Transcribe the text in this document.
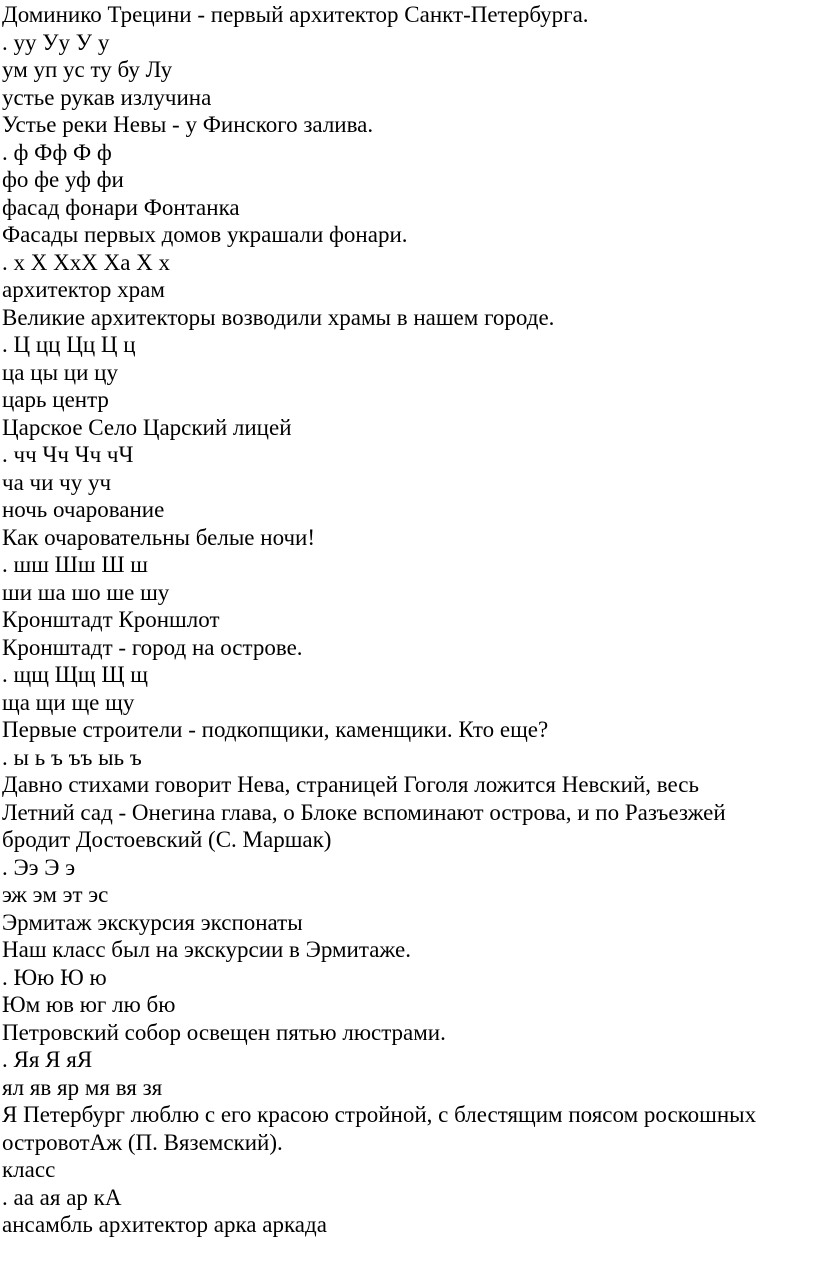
Доминико Трецини - первый архитектор Санкт-Петербурга.
. уу Уу У у
ум уп ус ту бу Лу
устье рукав излучина
Устье реки Невы - у Финского залива.
. ф Фф Ф ф
фо фе уф фи
фасад фонари Фонтанка
Фасады первых домов украшали фонари.
. х Х ХхХ Ха Х х
архитектор храм
Великие архитекторы возводили храмы в нашем городе.
. Ц цц Цц Ц ц
ца цы ци цу
царь центр
Царское Село Царский лицей
. чч Чч Чч чЧ
ча чи чу уч
ночь очарование
Как очаровательны белые ночи!
. шш Шш Ш ш
ши ша шо ше шу
Кронштадт Кроншлот
Кронштадт - город на острове.
. щщ Щщ Щ щ
ща щи ще щу
Первые строители - подкопщики, каменщики. Кто еще?
. ы ь ъ ъъ ыь ъ
Давно стихами говорит Нева, страницей Гоголя ложится Невский, весь
Летний сад - Онегина глава, о Блоке вспоминают острова, и по Разъезжей
бродит Достоевский (С. Маршак)
. Ээ Э э
эж эм эт эс
Эрмитаж экскурсия экспонаты
Наш класс был на экскурсии в Эрмитаже.
. Юю Ю ю
Юм юв юг лю бю
Петровский собор освещен пятью люстрами.
. Яя Я яЯ
ял яв яр мя вя зя
Я Петербург люблю с его красою стройной, с блестящим поясом роскошных
островотАж (П. Вяземский).
класс
. аа ая ар кА
ансамбль архитектор арка аркада
